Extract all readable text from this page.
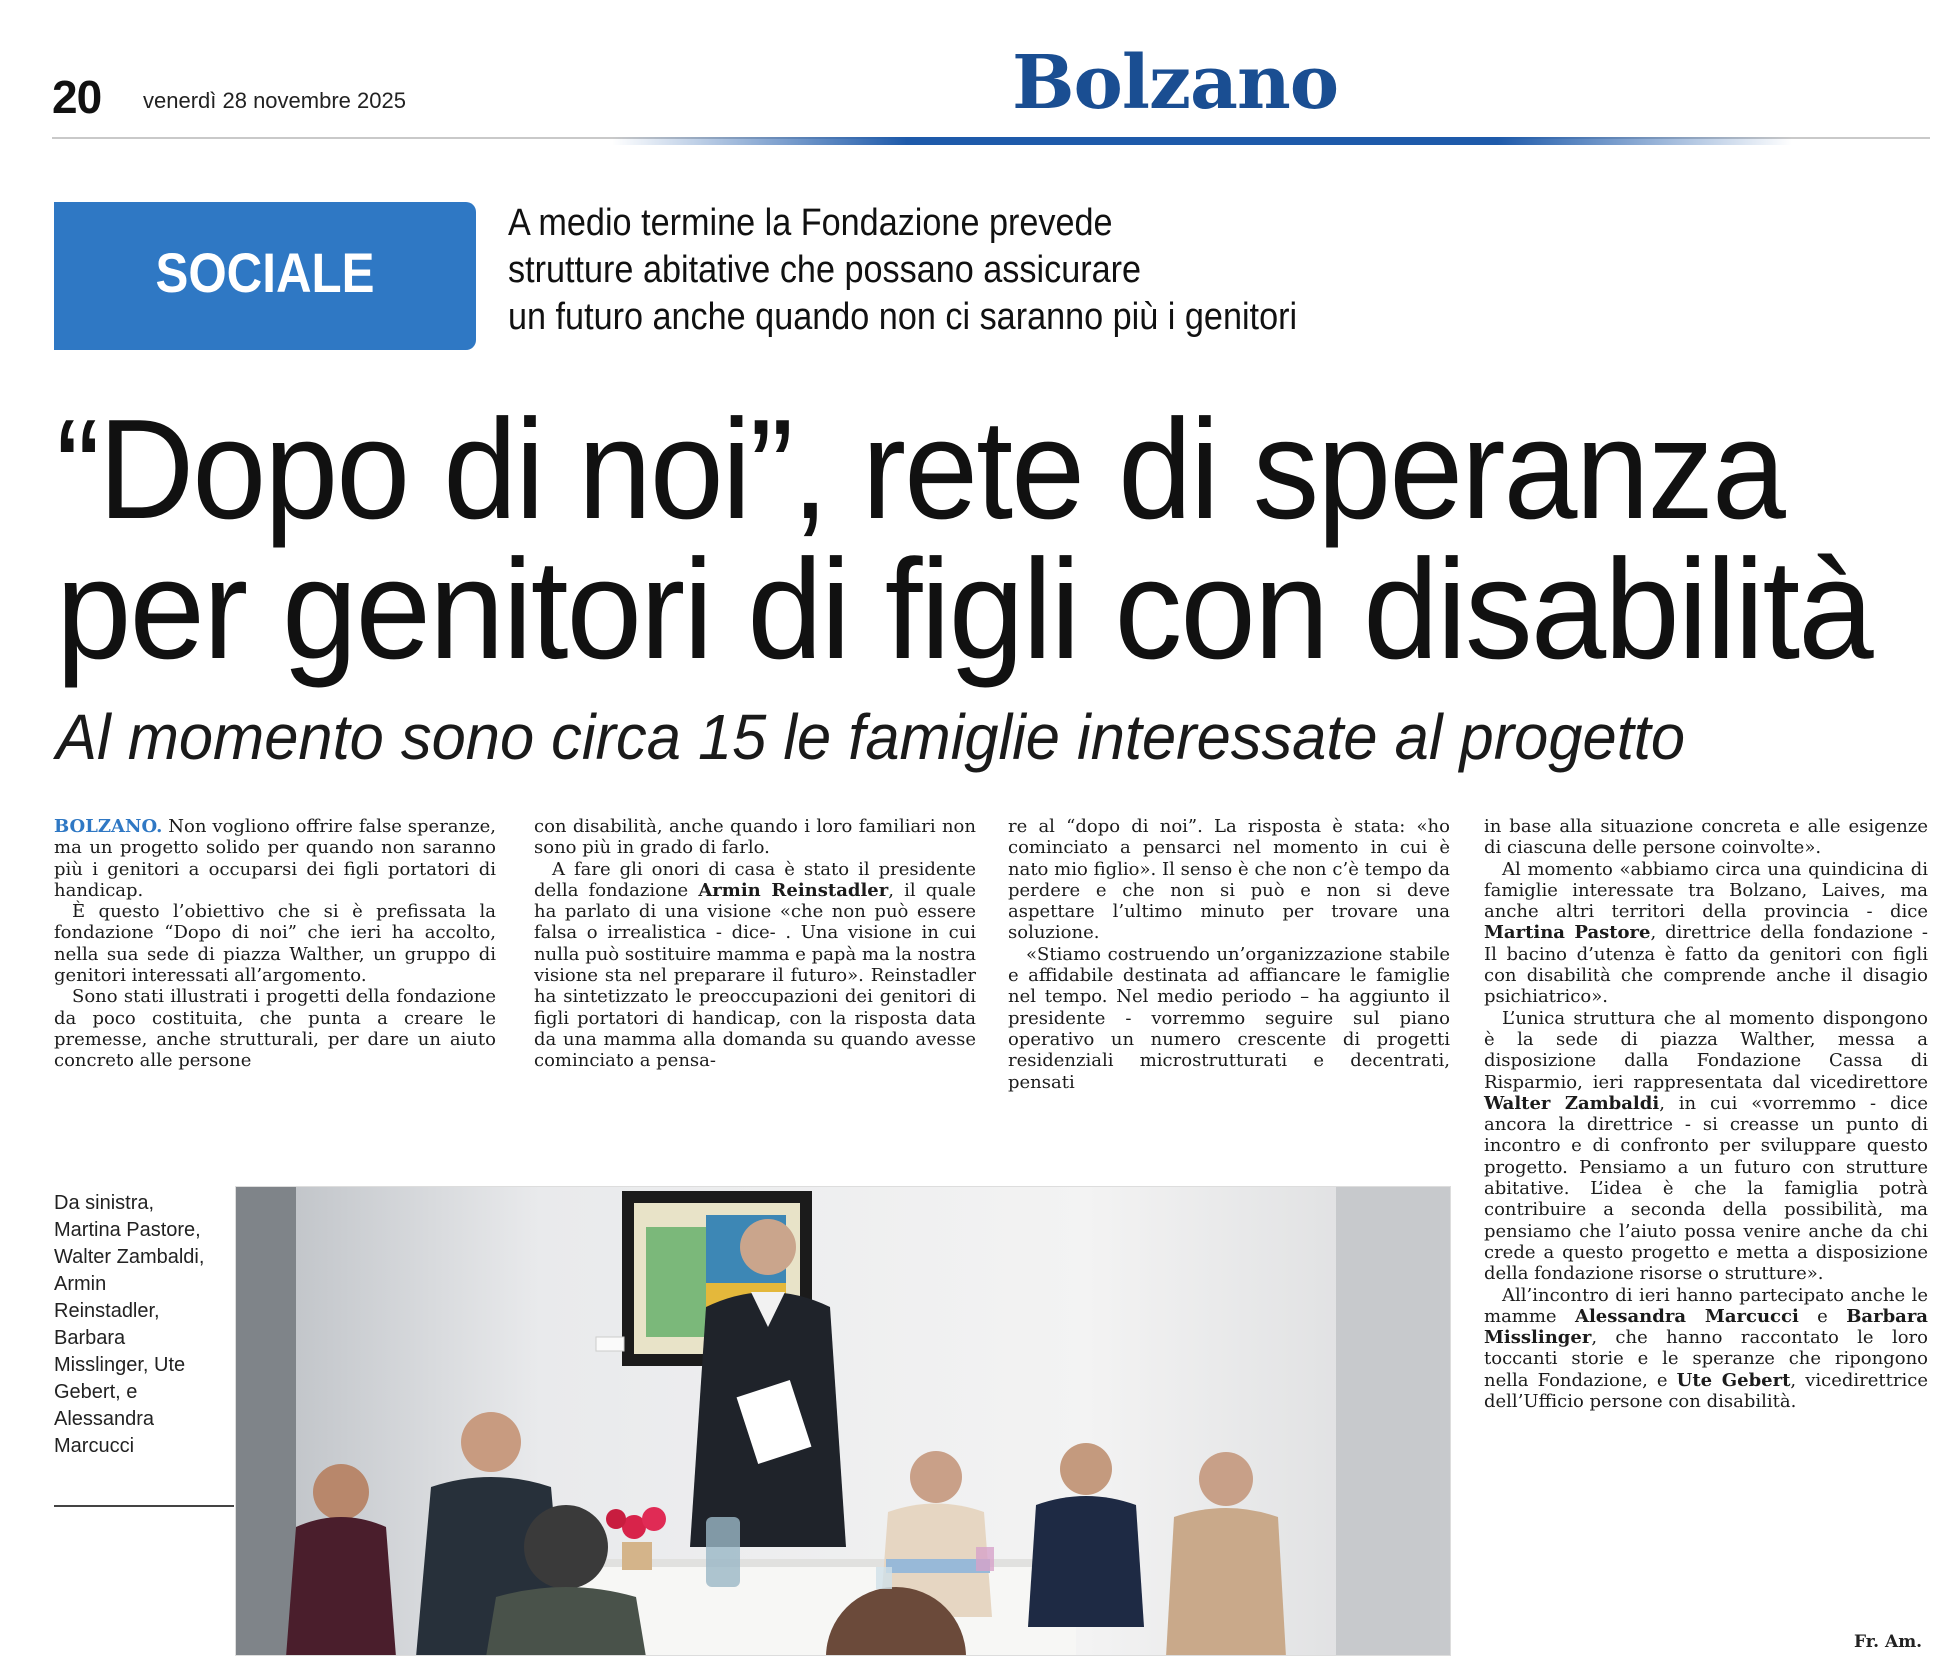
20 venerdì 28 novembre 2025	Bolzano
SOCIALE
A medio termine la Fondazione prevede
strutture abitative che possano assicurare
un futuro anche quando non ci saranno più i genitori
“Dopo di noi”, rete di speranza
per genitori di figli con disabilità
Al momento sono circa 15 le famiglie interessate al progetto

BOLZANO. Non vogliono offrire false speranze, ma un progetto solido per quando non saranno più i genitori a occuparsi dei figli portatori di handicap.

È questo l’obiettivo che si è prefissata la fondazione “Dopo di noi” che ieri ha accolto, nella sua sede di piazza Walther, un gruppo di genitori interessati all’argomento.

Sono stati illustrati i progetti della fondazione da poco costituita, che punta a creare le premesse, anche strutturali, per dare un aiuto concreto alle persone

con disabilità, anche quando i loro familiari non sono più in grado di farlo.

A fare gli onori di casa è stato il presidente della fondazione Armin Reinstadler, il quale ha parlato di una visione «che non può essere falsa o irrealistica - dice- . Una visione in cui nulla può sostituire mamma e papà ma la nostra visione sta nel preparare il futuro». Reinstadler ha sintetizzato le preoccupazioni dei genitori di figli portatori di handicap, con la risposta data da una mamma alla domanda su quando avesse cominciato a pensa-

re al “dopo di noi”. La risposta è stata: «ho cominciato a pensarci nel momento in cui è nato mio figlio». Il senso è che non c’è tempo da perdere e che non si può e non si deve aspettare l’ultimo minuto per trovare una soluzione.

«Stiamo costruendo un’organizzazione stabile e affidabile destinata ad affiancare le famiglie nel tempo. Nel medio periodo – ha aggiunto il presidente - vorremmo seguire sul piano operativo un numero crescente di progetti residenziali microstrutturati e decentrati, pensati

in base alla situazione concreta e alle esigenze di ciascuna delle persone coinvolte».

Al momento «abbiamo circa una quindicina di famiglie interessate tra Bolzano, Laives, ma anche altri territori della provincia - dice Martina Pastore, direttrice della fondazione - Il bacino d’utenza è fatto da genitori con figli con disabilità che comprende anche il disagio psichiatrico».

L’unica struttura che al momento dispongono è la sede di piazza Walther, messa a disposizione dalla Fondazione Cassa di Risparmio, ieri rappresentata dal vicedirettore Walter Zambaldi, in cui «vorremmo - dice ancora la direttrice - si creasse un punto di incontro e di confronto per sviluppare questo progetto. Pensiamo a un futuro con strutture abitative. L’idea è che la famiglia potrà contribuire a seconda della possibilità, ma pensiamo che l’aiuto possa venire anche da chi crede a questo progetto e metta a disposizione della fondazione risorse o strutture».

All’incontro di ieri hanno partecipato anche le mamme Alessandra Marcucci e Barbara Misslinger, che hanno raccontato le loro toccanti storie e le speranze che ripongono nella Fondazione, e Ute Gebert, vicedirettrice dell’Ufficio persone con disabilità.

Da sinistra, Martina Pastore, Walter Zambaldi, Armin Reinstadler, Barbara Misslinger, Ute Gebert, e Alessandra Marcucci
Fr. Am.
